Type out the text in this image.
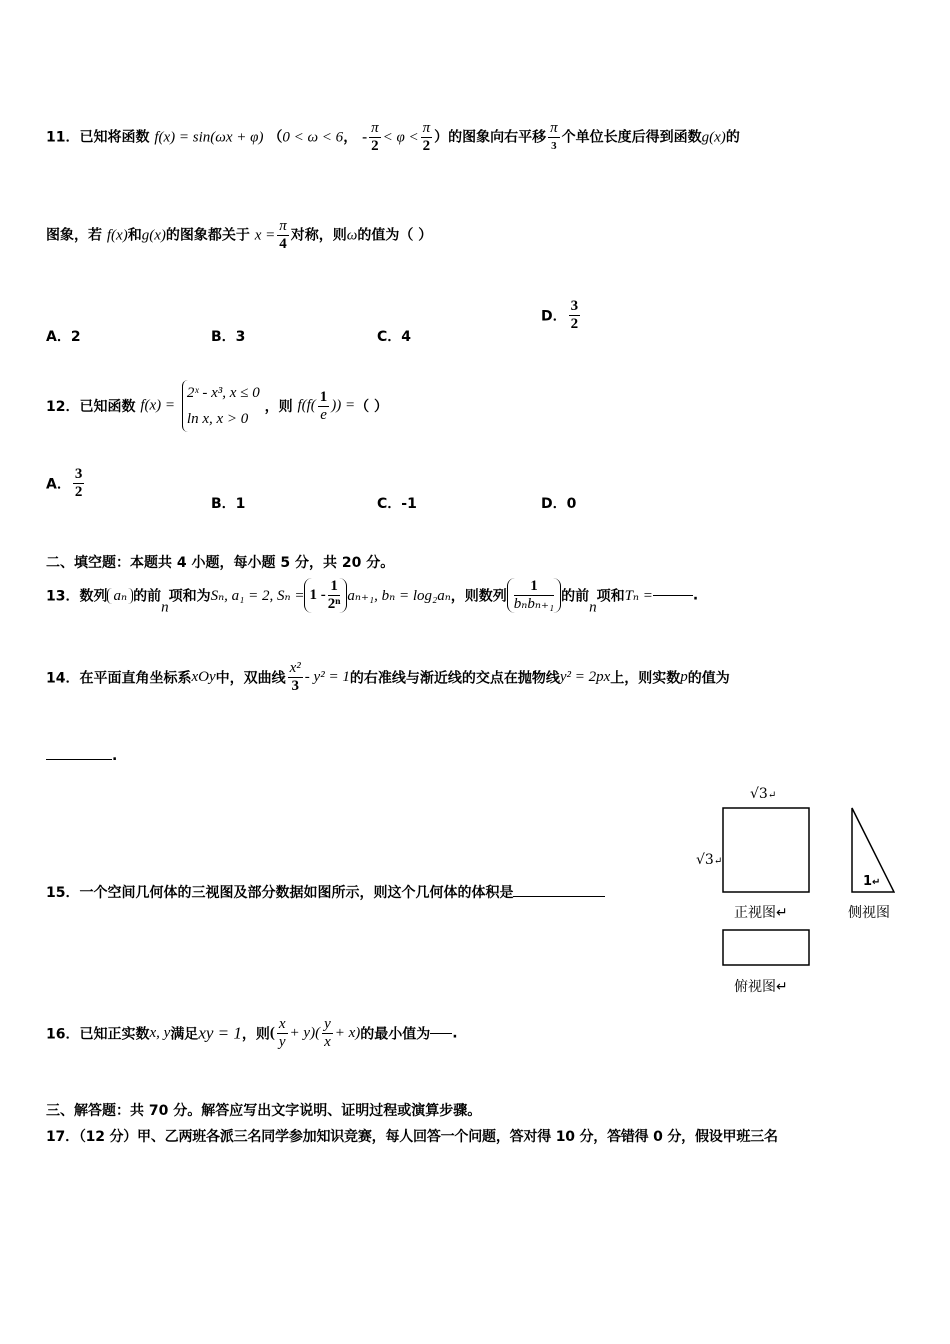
11．已知将函数 f(x) = sin(ωx + φ) （0 < ω < 6， - $\frac{\pi}{2} < \varphi < \frac{\pi}{2}$ ）的图象向右平移 $\frac{\pi}{3}$ 个单位长度后得到函数g(x)的
图象，若 f(x)和g(x)的图象都关于 $x = \frac{\pi}{4}$ 对称，则ω的值为（ ）
A．2	B．3	C．4
D． $\frac{3}{2}$
12．已知函数 f(x) =
2ˣ - x³, x ≤ 0
ln x, x > 0
，则 $f(f( \frac{1}{e}$ )) =（ ）
A． $\frac{3}{2}$
B．1	C．-1	D．0
二、填空题：本题共 4 小题，每小题 5 分，共 20 分。
13．数列 aₙ 的前n项和为Sₙ, a₁ = 2, $S_n = 1 - \frac{1}{\text{2ⁿ}} a_{n+1}$, bₙ = log₂aₙ，则数列 $\frac{1}{\text{bₙbₙ₊₁}}$ 的前n项和Tₙ =	.
14．在平面直角坐标系xOy中，双曲线 $\frac{\text{x²}}{3} - y^2 = 1$的右准线与渐近线的交点在抛物线y² = 2px上，则实数p的值为
.
15．一个空间几何体的三视图及部分数据如图所示，则这个几何体的体积是
√3↵
√3↵
1↵
正视图↵	侧视图
俯视图↵
16．已知正实数x, y满足xy = 1，则( $\frac{x}{y} + y)( \frac{y}{x} + x)$的最小值为 .
三、解答题：共 70 分。解答应写出文字说明、证明过程或演算步骤。
17．（12 分）甲、乙两班各派三名同学参加知识竞赛，每人回答一个问题，答对得 10 分，答错得 0 分，假设甲班三名
